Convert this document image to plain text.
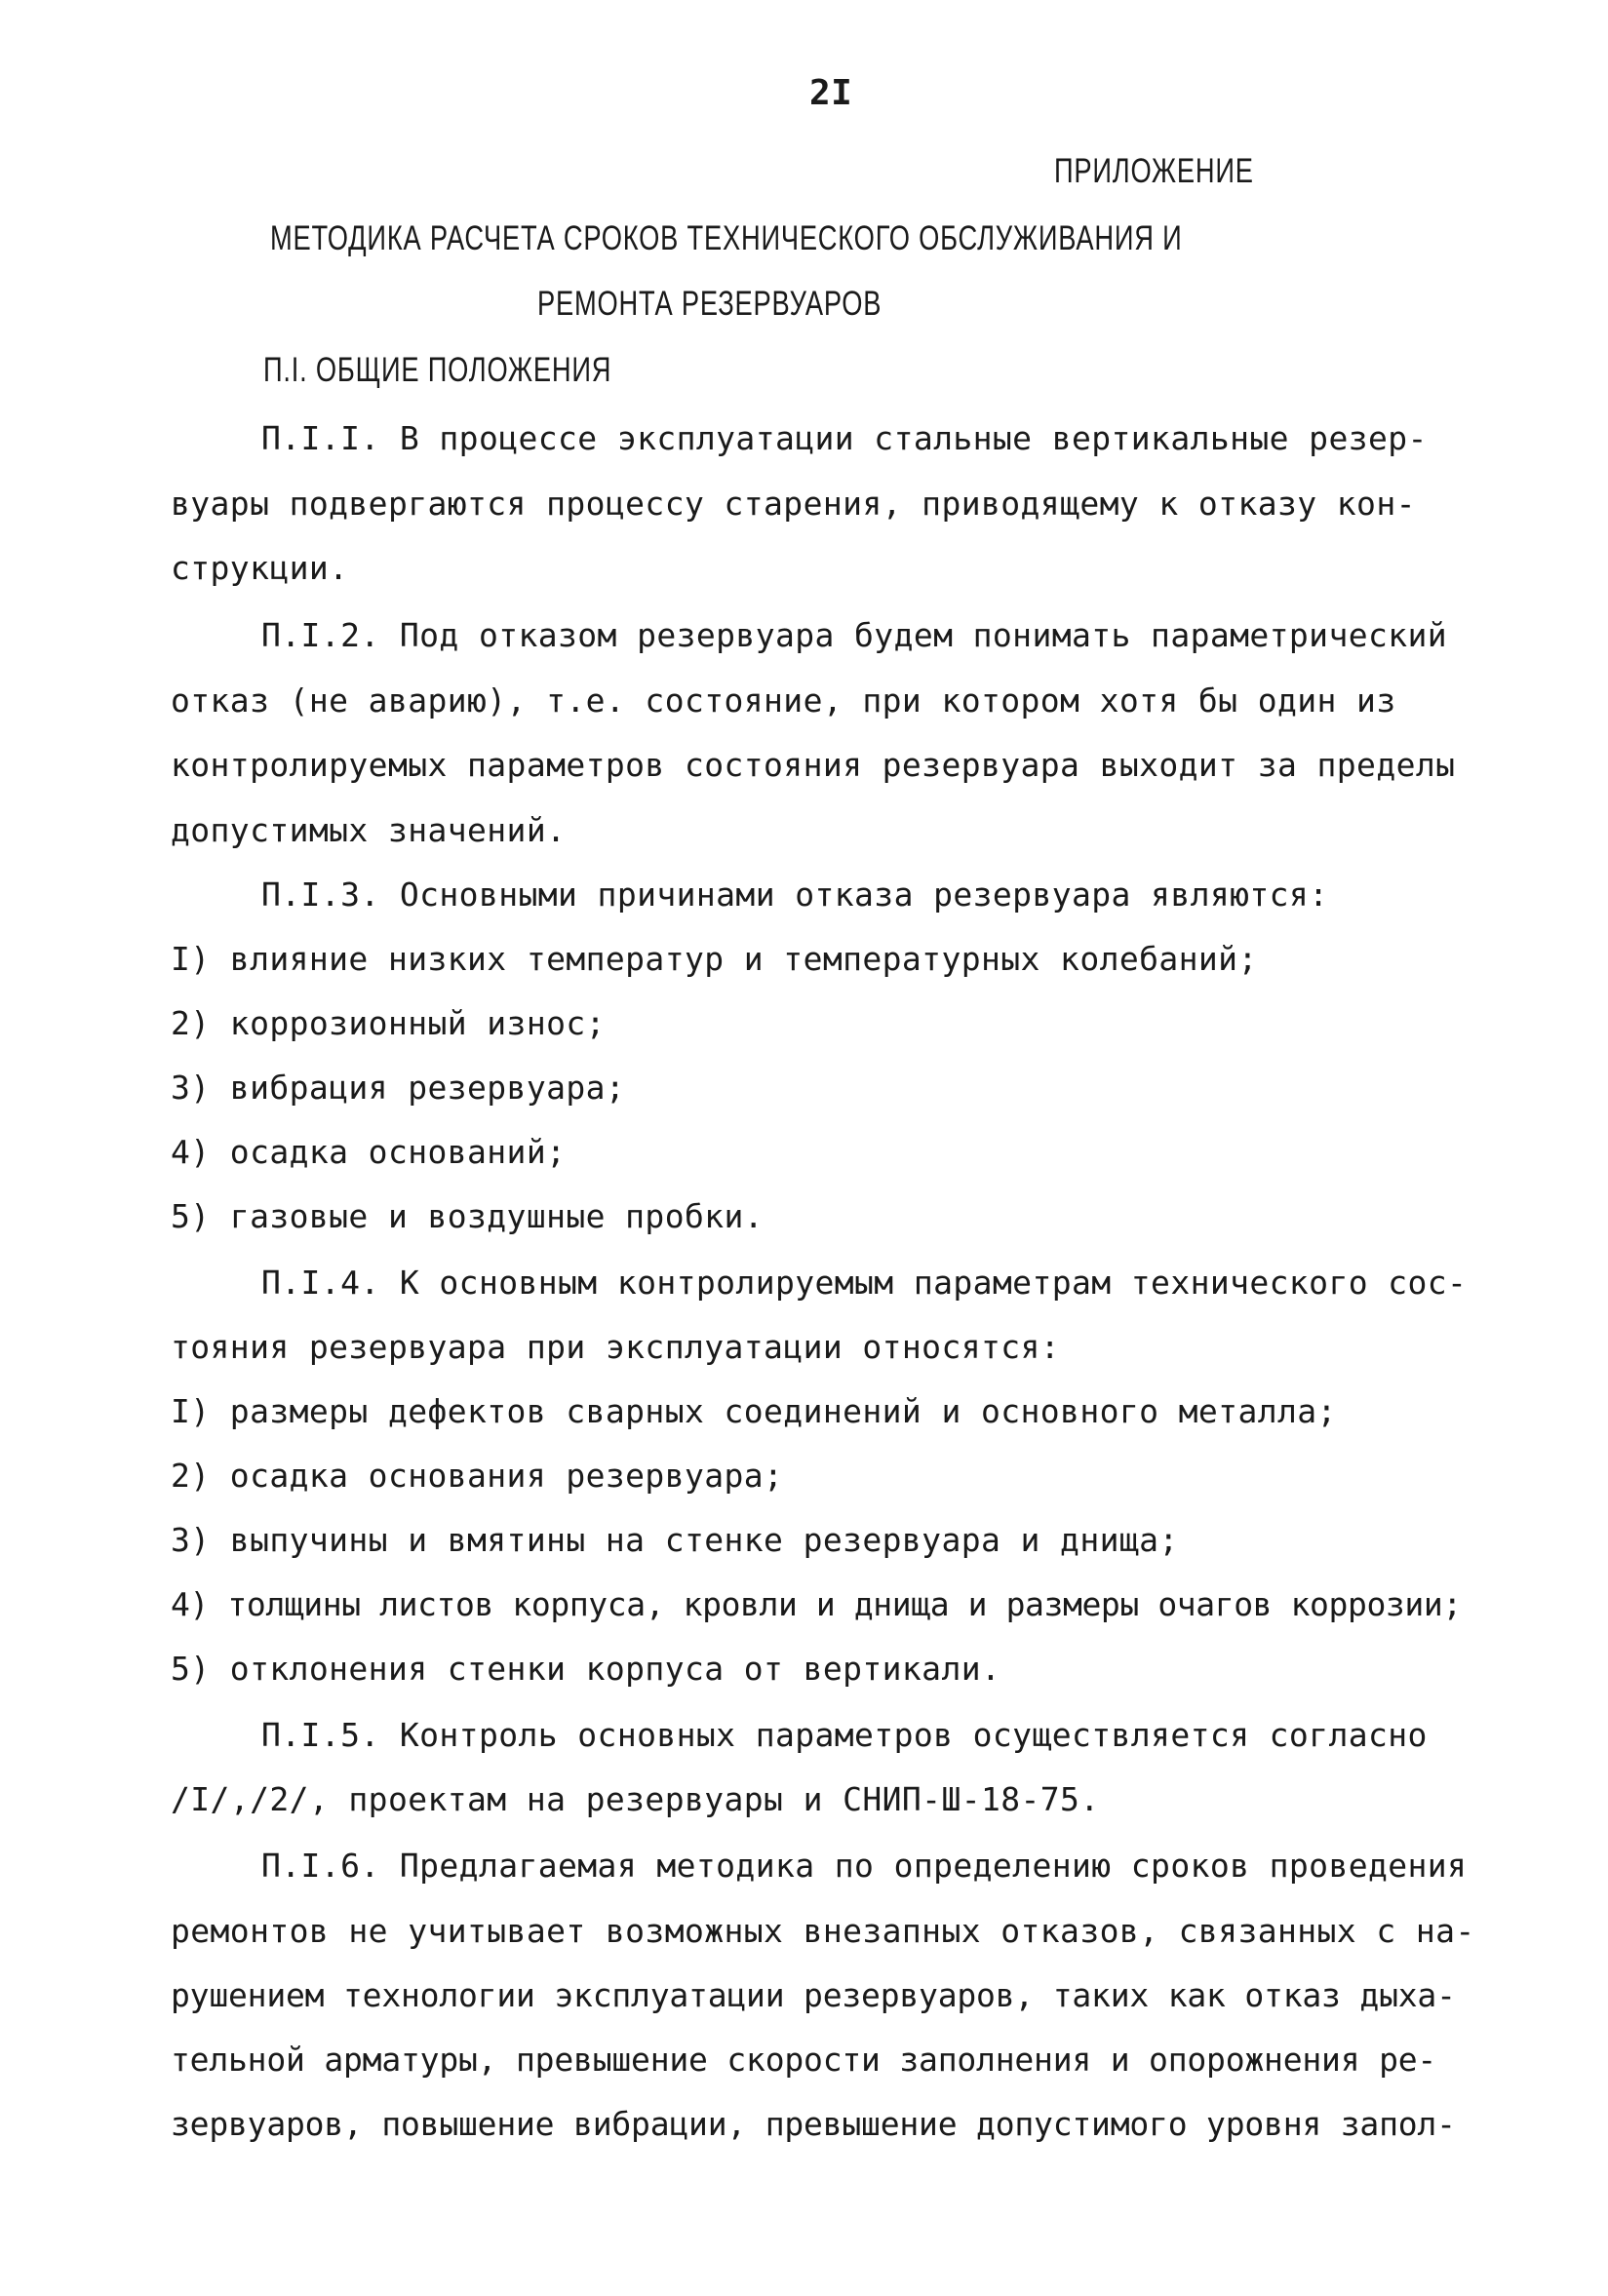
2I
ПРИЛОЖЕНИЕ
МЕТОДИКА РАСЧЕТА СРОКОВ ТЕХНИЧЕСКОГО ОБСЛУЖИВАНИЯ И
РЕМОНТА РЕЗЕРВУАРОВ
П.I. ОБЩИЕ ПОЛОЖЕНИЯ
П.I.I. В процессе эксплуатации стальные вертикальные резер-
вуары подвергаются процессу старения, приводящему к отказу кон-
струкции.
П.I.2. Под отказом резервуара будем понимать параметрический
отказ (не аварию), т.е. состояние, при котором хотя бы один из
контролируемых параметров состояния резервуара выходит за пределы
допустимых значений.
П.I.3. Основными причинами отказа резервуара являются:
I) влияние низких температур и температурных колебаний;
2) коррозионный износ;
3) вибрация резервуара;
4) осадка оснований;
5) газовые и воздушные пробки.
П.I.4. К основным контролируемым параметрам технического сос-
тояния резервуара при эксплуатации относятся:
I) размеры дефектов сварных соединений и основного металла;
2) осадка основания резервуара;
3) выпучины и вмятины на стенке резервуара и днища;
4) толщины листов корпуса, кровли и днища и размеры очагов коррозии;
5) отклонения стенки корпуса от вертикали.
П.I.5. Контроль основных параметров осуществляется согласно
/I/,/2/, проектам на резервуары и СНИП-Ш-18-75.
П.I.6. Предлагаемая методика по определению сроков проведения
ремонтов не учитывает возможных внезапных отказов, связанных с на-
рушением технологии эксплуатации резервуаров, таких как отказ дыха-
тельной арматуры, превышение скорости заполнения и опорожнения ре-
зервуаров, повышение вибрации, превышение допустимого уровня запол-
